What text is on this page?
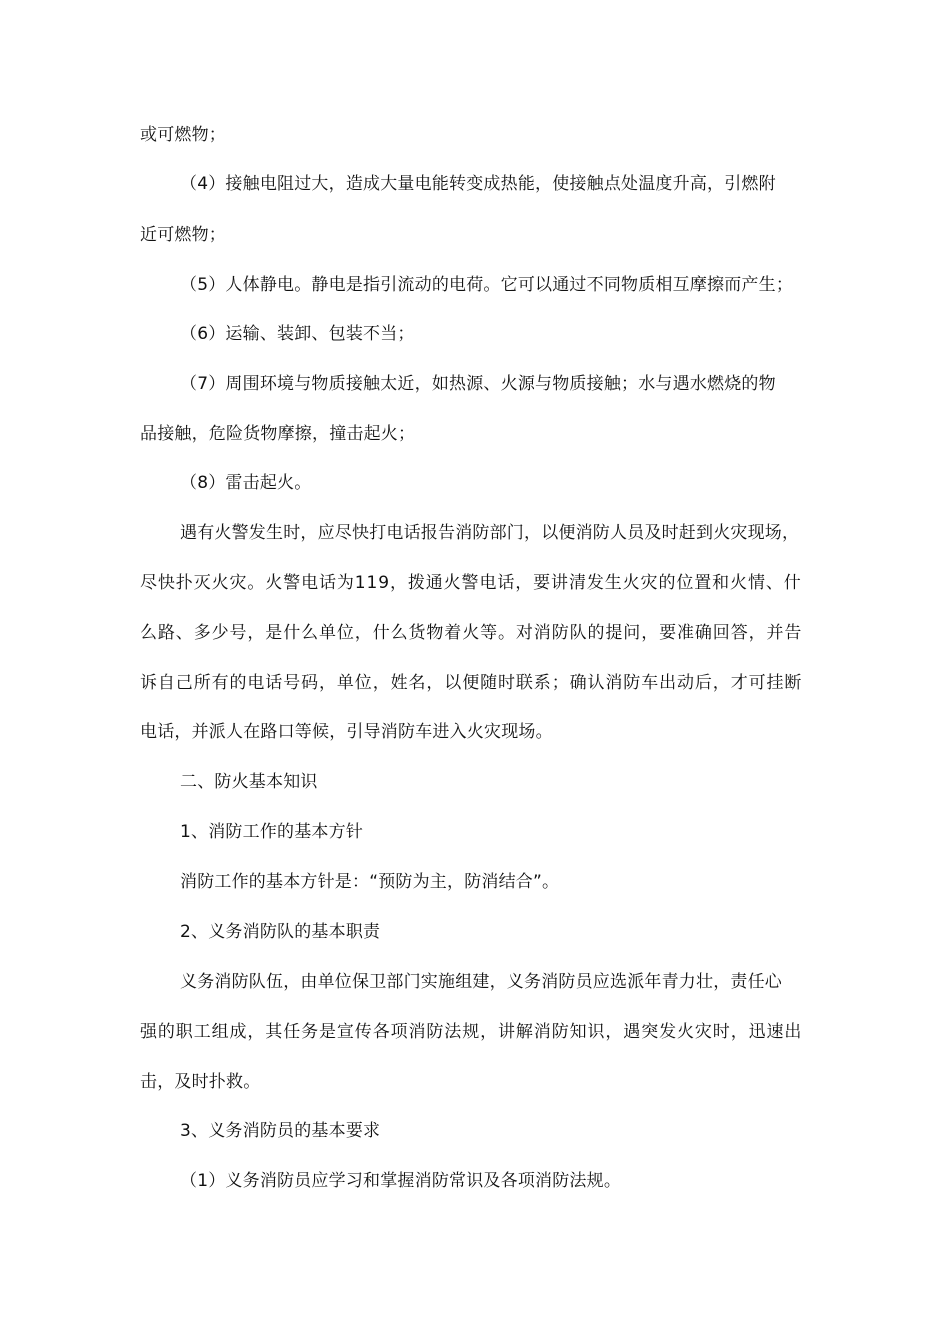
或可燃物；
（4）接触电阻过大，造成大量电能转变成热能，使接触点处温度升高，引燃附
近可燃物；
（5）人体静电。静电是指引流动的电荷。它可以通过不同物质相互摩擦而产生；
（6）运输、装卸、包装不当；
（7）周围环境与物质接触太近，如热源、火源与物质接触；水与遇水燃烧的物
品接触，危险货物摩擦，撞击起火；
（8）雷击起火。
遇有火警发生时，应尽快打电话报告消防部门，以便消防人员及时赶到火灾现场，
尽快扑灭火灾。火警电话为119，拨通火警电话，要讲清发生火灾的位置和火情、什
么路、多少号，是什么单位，什么货物着火等。对消防队的提问，要准确回答，并告
诉自己所有的电话号码，单位，姓名，以便随时联系；确认消防车出动后，才可挂断
电话，并派人在路口等候，引导消防车进入火灾现场。
二、防火基本知识
1、消防工作的基本方针
消防工作的基本方针是：“预防为主，防消结合”。
2、义务消防队的基本职责
义务消防队伍，由单位保卫部门实施组建，义务消防员应选派年青力壮，责任心
强的职工组成，其任务是宣传各项消防法规，讲解消防知识，遇突发火灾时，迅速出
击，及时扑救。
3、义务消防员的基本要求
（1）义务消防员应学习和掌握消防常识及各项消防法规。
